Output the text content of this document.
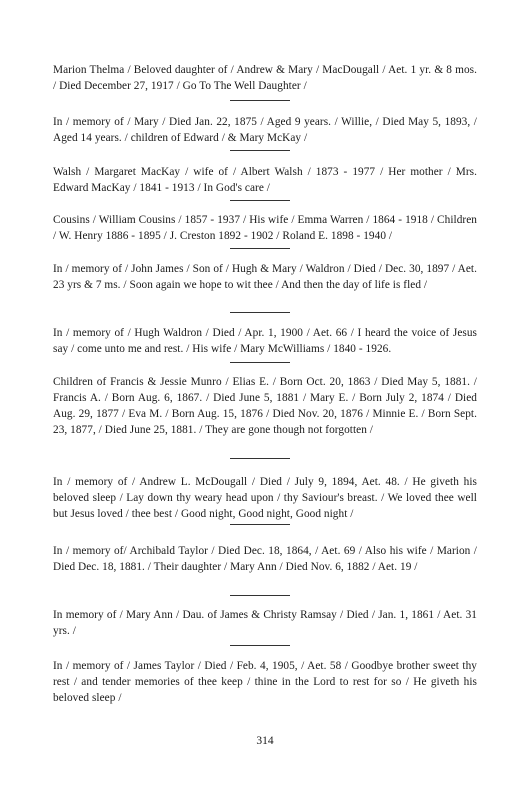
Marion Thelma / Beloved daughter of / Andrew & Mary / MacDougall / Aet. 1 yr. & 8 mos. / Died December 27, 1917 / Go To The Well Daughter /
In / memory of / Mary / Died Jan. 22, 1875 / Aged 9 years. / Willie, / Died May 5, 1893, / Aged 14 years. / children of Edward / & Mary McKay /
Walsh / Margaret MacKay / wife of / Albert Walsh / 1873 - 1977 / Her mother / Mrs. Edward MacKay / 1841 - 1913 / In God's care /
Cousins / William Cousins / 1857 - 1937 / His wife / Emma Warren / 1864 - 1918 / Children / W. Henry 1886 - 1895 / J. Creston 1892 - 1902 / Roland E. 1898 - 1940 /
In / memory of / John James / Son of / Hugh & Mary / Waldron / Died / Dec. 30, 1897 / Aet. 23 yrs & 7 ms. / Soon again we hope to wit thee / And then the day of life is fled /
In / memory of / Hugh Waldron / Died / Apr. 1, 1900 / Aet. 66 / I heard the voice of Jesus say / come unto me and rest. / His wife / Mary McWilliams / 1840 - 1926.
Children of Francis & Jessie Munro / Elias E. / Born Oct. 20, 1863 / Died May 5, 1881. / Francis A. / Born Aug. 6, 1867. / Died June 5, 1881 / Mary E. / Born July 2, 1874 / Died Aug. 29, 1877 / Eva M. / Born Aug. 15, 1876 / Died Nov. 20, 1876 / Minnie E. / Born Sept. 23, 1877, / Died June 25, 1881. / They are gone though not forgotten /
In / memory of / Andrew L. McDougall / Died / July 9, 1894, Aet. 48. / He giveth his beloved sleep / Lay down thy weary head upon / thy Saviour's breast. / We loved thee well but Jesus loved / thee best / Good night, Good night, Good night /
In / memory of/ Archibald Taylor / Died Dec. 18, 1864, / Aet. 69 / Also his wife / Marion / Died Dec. 18, 1881. / Their daughter / Mary Ann / Died Nov. 6, 1882 / Aet. 19 /
In memory of / Mary Ann / Dau. of James & Christy Ramsay / Died / Jan. 1, 1861 / Aet. 31 yrs. /
In / memory of / James Taylor / Died / Feb. 4, 1905, / Aet. 58 / Goodbye brother sweet thy rest / and tender memories of thee keep / thine in the Lord to rest for so / He giveth his beloved sleep /
314
